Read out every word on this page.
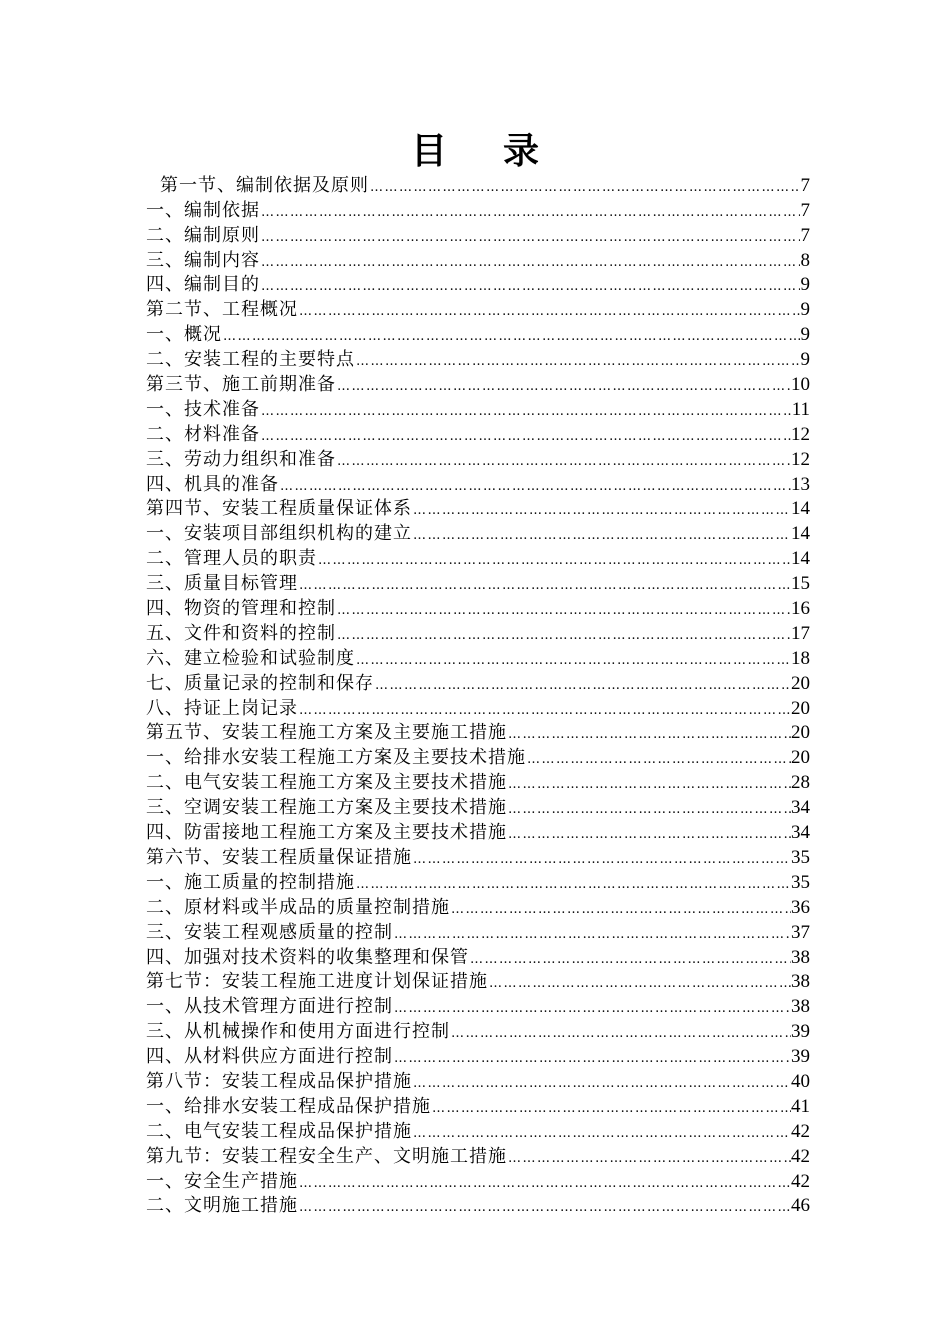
目录
第一节、编制依据及原则 …………………………………………………………………………………………………………………………………………………………………………	7
一、编制依据 …………………………………………………………………………………………………………………………………………………………………………	7
二、编制原则 …………………………………………………………………………………………………………………………………………………………………………	7
三、编制内容 …………………………………………………………………………………………………………………………………………………………………………	8
四、编制目的 …………………………………………………………………………………………………………………………………………………………………………	9
第二节、工程概况 …………………………………………………………………………………………………………………………………………………………………………	9
一、概况 …………………………………………………………………………………………………………………………………………………………………………	9
二、安装工程的主要特点 …………………………………………………………………………………………………………………………………………………………………………	9
第三节、施工前期准备 …………………………………………………………………………………………………………………………………………………………………………	10
一、技术准备 …………………………………………………………………………………………………………………………………………………………………………	11
二、材料准备 …………………………………………………………………………………………………………………………………………………………………………	12
三、劳动力组织和准备 …………………………………………………………………………………………………………………………………………………………………………	12
四、机具的准备 …………………………………………………………………………………………………………………………………………………………………………	13
第四节、安装工程质量保证体系 …………………………………………………………………………………………………………………………………………………………………………	14
一、安装项目部组织机构的建立 …………………………………………………………………………………………………………………………………………………………………………	14
二、管理人员的职责 …………………………………………………………………………………………………………………………………………………………………………	14
三、质量目标管理 …………………………………………………………………………………………………………………………………………………………………………	15
四、物资的管理和控制 …………………………………………………………………………………………………………………………………………………………………………	16
五、文件和资料的控制 …………………………………………………………………………………………………………………………………………………………………………	17
六、建立检验和试验制度 …………………………………………………………………………………………………………………………………………………………………………	18
七、质量记录的控制和保存 …………………………………………………………………………………………………………………………………………………………………………	20
八、持证上岗记录 …………………………………………………………………………………………………………………………………………………………………………	20
第五节、安装工程施工方案及主要施工措施 …………………………………………………………………………………………………………………………………………………………………………	20
一、给排水安装工程施工方案及主要技术措施 …………………………………………………………………………………………………………………………………………………………………………	20
二、电气安装工程施工方案及主要技术措施 …………………………………………………………………………………………………………………………………………………………………………	28
三、空调安装工程施工方案及主要技术措施 …………………………………………………………………………………………………………………………………………………………………………	34
四、防雷接地工程施工方案及主要技术措施 …………………………………………………………………………………………………………………………………………………………………………	34
第六节、安装工程质量保证措施 …………………………………………………………………………………………………………………………………………………………………………	35
一、施工质量的控制措施 …………………………………………………………………………………………………………………………………………………………………………	35
二、原材料或半成品的质量控制措施 …………………………………………………………………………………………………………………………………………………………………………	36
三、安装工程观感质量的控制 …………………………………………………………………………………………………………………………………………………………………………	37
四、加强对技术资料的收集整理和保管 …………………………………………………………………………………………………………………………………………………………………………	38
第七节：安装工程施工进度计划保证措施 …………………………………………………………………………………………………………………………………………………………………………	38
一、从技术管理方面进行控制 …………………………………………………………………………………………………………………………………………………………………………	38
三、从机械操作和使用方面进行控制 …………………………………………………………………………………………………………………………………………………………………………	39
四、从材料供应方面进行控制 …………………………………………………………………………………………………………………………………………………………………………	39
第八节：安装工程成品保护措施 …………………………………………………………………………………………………………………………………………………………………………	40
一、给排水安装工程成品保护措施 …………………………………………………………………………………………………………………………………………………………………………	41
二、电气安装工程成品保护措施 …………………………………………………………………………………………………………………………………………………………………………	42
第九节：安装工程安全生产、文明施工措施 …………………………………………………………………………………………………………………………………………………………………………	42
一、安全生产措施 …………………………………………………………………………………………………………………………………………………………………………	42
二、文明施工措施 …………………………………………………………………………………………………………………………………………………………………………	46
